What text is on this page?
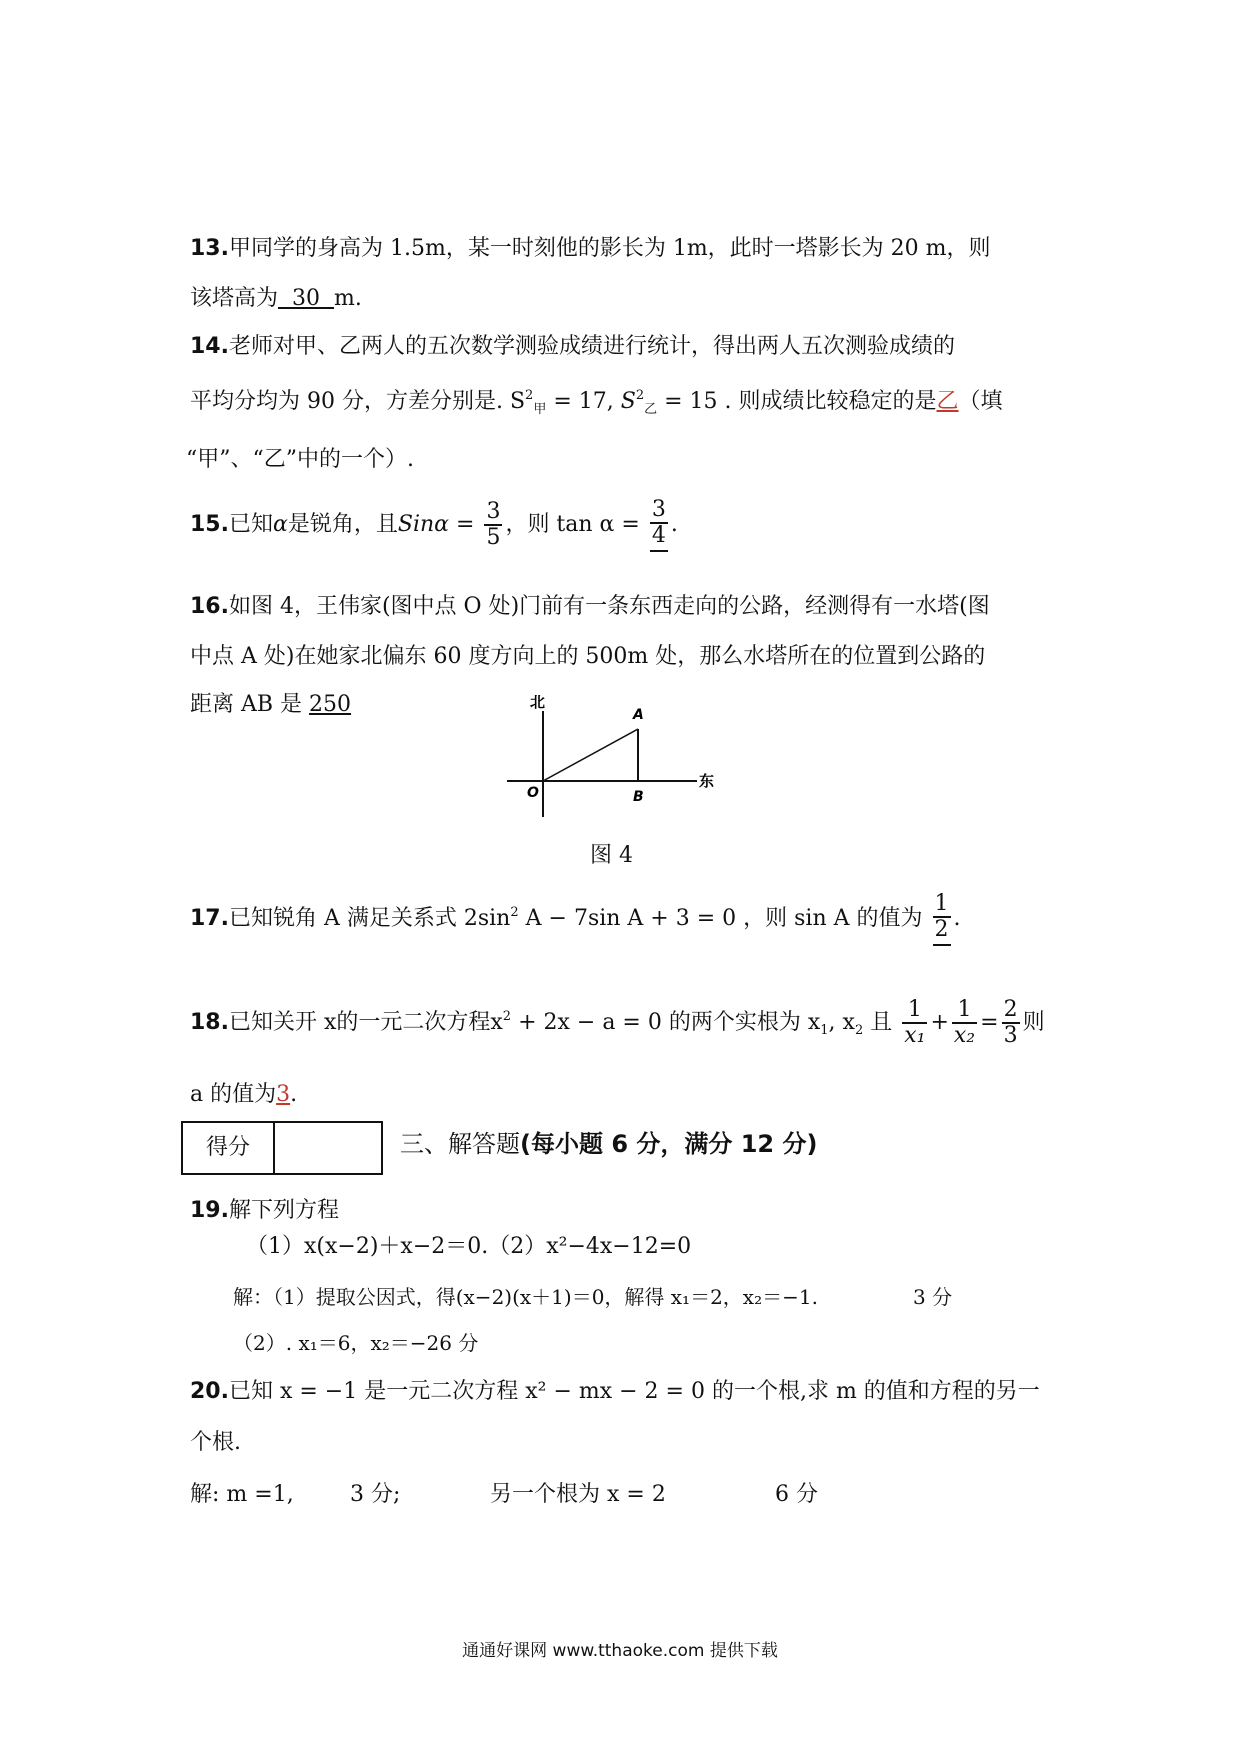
13.甲同学的身高为 1.5m，某一时刻他的影长为 1m，此时一塔影长为 20 m，则
该塔高为 30 m.
14.老师对甲、乙两人的五次数学测验成绩进行统计，得出两人五次测验成绩的
平均分均为 90 分，方差分别是. $S^2_甲 = 17$, $S^2_乙 = 15$ . 则成绩比较稳定的是乙（填
“甲”、“乙”中的一个）.
15.已知α是锐角，且$Sin\alpha = \frac{3}{5}$ ，则 $\tan \alpha = \frac{3}{4}$ .
16.如图 4，王伟家(图中点 O 处)门前有一条东西走向的公路，经测得有一水塔(图
中点 A 处)在她家北偏东 60 度方向上的 500m 处，那么水塔所在的位置到公路的
距离 AB 是 250	北
东
A
O	B
图 4
17.已知锐角 A 满足关系式 $2\sin^2$ A − 7sin A + 3 = 0 ，则 sin A 的值为 $\frac{1}{2}$ .
18.已知关开 x的一元二次方程$x^2 + 2x - a = 0$ 的两个实根为 $x_1$, $x_2$ 且 $\frac{1}{\text{x₁}} + \frac{1}{\text{x₂}} = \frac{2}{3}$ 则
a 的值为3.
得分	三、解答题(每小题 6 分，满分 12 分)
19.解下列方程
（1）x(x−2)＋x−2＝0.（2）x²−4x−12=0
解：（1）提取公因式，得(x−2)(x＋1)＝0，解得 x₁＝2，x₂＝−1.	3 分
（2）. x₁＝6，x₂＝−26 分
20.已知 x = −1 是一元二次方程 x² − mx − 2 = 0 的一个根,求 m 的值和方程的另一
个根.
解: m =1,	3 分;	另一个根为 x = 2	6 分
通通好课网 www.tthaoke.com 提供下载
